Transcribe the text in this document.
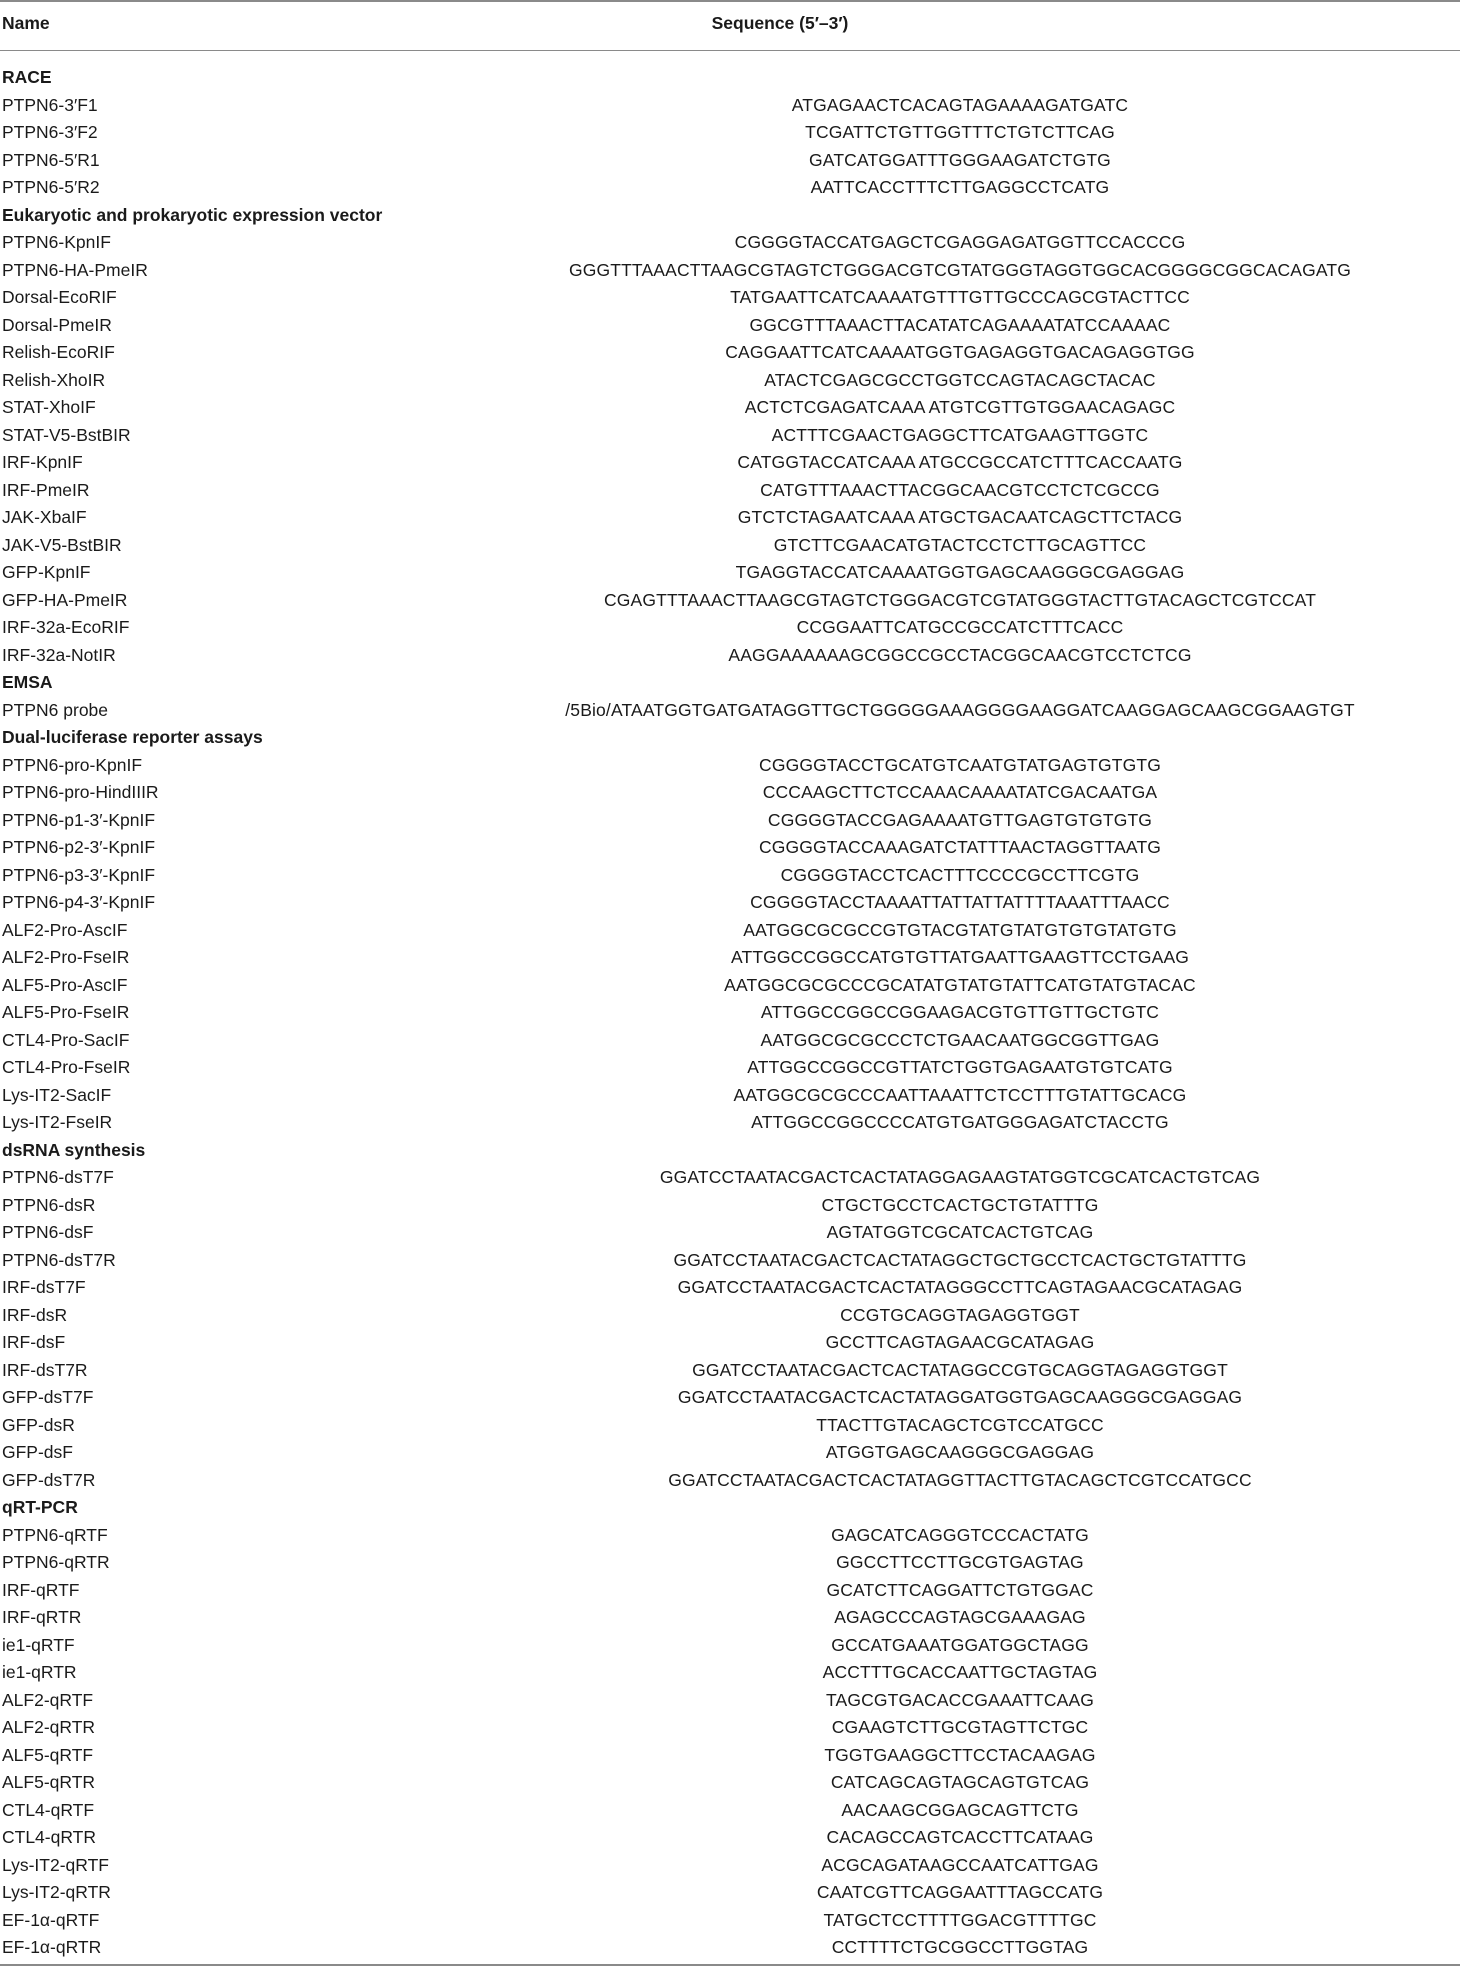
Name	Sequence (5′–3′)
RACE
PTPN6-3′F1	ATGAGAACTCACAGTAGAAAAGATGATC
PTPN6-3′F2	TCGATTCTGTTGGTTTCTGTCTTCAG
PTPN6-5′R1	GATCATGGATTTGGGAAGATCTGTG
PTPN6-5′R2	AATTCACCTTTCTTGAGGCCTCATG
Eukaryotic and prokaryotic expression vector
PTPN6-KpnIF	CGGGGTACCATGAGCTCGAGGAGATGGTTCCACCCG
PTPN6-HA-PmeIR	GGGTTTAAACTTAAGCGTAGTCTGGGACGTCGTATGGGTAGGTGGCACGGGGCGGCACAGATG
Dorsal-EcoRIF	TATGAATTCATCAAAATGTTTGTTGCCCAGCGTACTTCC
Dorsal-PmeIR	GGCGTTTAAACTTACATATCAGAAAATATCCAAAAC
Relish-EcoRIF	CAGGAATTCATCAAAATGGTGAGAGGTGACAGAGGTGG
Relish-XhoIR	ATACTCGAGCGCCTGGTCCAGTACAGCTACAC
STAT-XhoIF	ACTCTCGAGATCAAA ATGTCGTTGTGGAACAGAGC
STAT-V5-BstBIR	ACTTTCGAACTGAGGCTTCATGAAGTTGGTC
IRF-KpnIF	CATGGTACCATCAAA ATGCCGCCATCTTTCACCAATG
IRF-PmeIR	CATGTTTAAACTTACGGCAACGTCCTCTCGCCG
JAK-XbaIF	GTCTCTAGAATCAAA ATGCTGACAATCAGCTTCTACG
JAK-V5-BstBIR	GTCTTCGAACATGTACTCCTCTTGCAGTTCC
GFP-KpnIF	TGAGGTACCATCAAAATGGTGAGCAAGGGCGAGGAG
GFP-HA-PmeIR	CGAGTTTAAACTTAAGCGTAGTCTGGGACGTCGTATGGGTACTTGTACAGCTCGTCCAT
IRF-32a-EcoRIF	CCGGAATTCATGCCGCCATCTTTCACC
IRF-32a-NotIR	AAGGAAAAAAGCGGCCGCCTACGGCAACGTCCTCTCG
EMSA
PTPN6 probe	/5Bio/ATAATGGTGATGATAGGTTGCTGGGGGAAAGGGGAAGGATCAAGGAGCAAGCGGAAGTGT
Dual-luciferase reporter assays
PTPN6-pro-KpnIF	CGGGGTACCTGCATGTCAATGTATGAGTGTGTG
PTPN6-pro-HindIIIR	CCCAAGCTTCTCCAAACAAAATATCGACAATGA
PTPN6-p1-3′-KpnIF	CGGGGTACCGAGAAAATGTTGAGTGTGTGTG
PTPN6-p2-3′-KpnIF	CGGGGTACCAAAGATCTATTTAACTAGGTTAATG
PTPN6-p3-3′-KpnIF	CGGGGTACCTCACTTTCCCCGCCTTCGTG
PTPN6-p4-3′-KpnIF	CGGGGTACCTAAAATTATTATTATTTTAAATTTAACC
ALF2-Pro-AscIF	AATGGCGCGCCGTGTACGTATGTATGTGTGTATGTG
ALF2-Pro-FseIR	ATTGGCCGGCCATGTGTTATGAATTGAAGTTCCTGAAG
ALF5-Pro-AscIF	AATGGCGCGCCCGCATATGTATGTATTCATGTATGTACAC
ALF5-Pro-FseIR	ATTGGCCGGCCGGAAGACGTGTTGTTGCTGTC
CTL4-Pro-SacIF	AATGGCGCGCCCTCTGAACAATGGCGGTTGAG
CTL4-Pro-FseIR	ATTGGCCGGCCGTTATCTGGTGAGAATGTGTCATG
Lys-IT2-SacIF	AATGGCGCGCCCAATTAAATTCTCCTTTGTATTGCACG
Lys-IT2-FseIR	ATTGGCCGGCCCCATGTGATGGGAGATCTACCTG
dsRNA synthesis
PTPN6-dsT7F	GGATCCTAATACGACTCACTATAGGAGAAGTATGGTCGCATCACTGTCAG
PTPN6-dsR	CTGCTGCCTCACTGCTGTATTTG
PTPN6-dsF	AGTATGGTCGCATCACTGTCAG
PTPN6-dsT7R	GGATCCTAATACGACTCACTATAGGCTGCTGCCTCACTGCTGTATTTG
IRF-dsT7F	GGATCCTAATACGACTCACTATAGGGCCTTCAGTAGAACGCATAGAG
IRF-dsR	CCGTGCAGGTAGAGGTGGT
IRF-dsF	GCCTTCAGTAGAACGCATAGAG
IRF-dsT7R	GGATCCTAATACGACTCACTATAGGCCGTGCAGGTAGAGGTGGT
GFP-dsT7F	GGATCCTAATACGACTCACTATAGGATGGTGAGCAAGGGCGAGGAG
GFP-dsR	TTACTTGTACAGCTCGTCCATGCC
GFP-dsF	ATGGTGAGCAAGGGCGAGGAG
GFP-dsT7R	GGATCCTAATACGACTCACTATAGGTTACTTGTACAGCTCGTCCATGCC
qRT-PCR
PTPN6-qRTF	GAGCATCAGGGTCCCACTATG
PTPN6-qRTR	GGCCTTCCTTGCGTGAGTAG
IRF-qRTF	GCATCTTCAGGATTCTGTGGAC
IRF-qRTR	AGAGCCCAGTAGCGAAAGAG
ie1-qRTF	GCCATGAAATGGATGGCTAGG
ie1-qRTR	ACCTTTGCACCAATTGCTAGTAG
ALF2-qRTF	TAGCGTGACACCGAAATTCAAG
ALF2-qRTR	CGAAGTCTTGCGTAGTTCTGC
ALF5-qRTF	TGGTGAAGGCTTCCTACAAGAG
ALF5-qRTR	CATCAGCAGTAGCAGTGTCAG
CTL4-qRTF	AACAAGCGGAGCAGTTCTG
CTL4-qRTR	CACAGCCAGTCACCTTCATAAG
Lys-IT2-qRTF	ACGCAGATAAGCCAATCATTGAG
Lys-IT2-qRTR	CAATCGTTCAGGAATTTAGCCATG
EF-1α-qRTF	TATGCTCCTTTTGGACGTTTTGC
EF-1α-qRTR	CCTTTTCTGCGGCCTTGGTAG
